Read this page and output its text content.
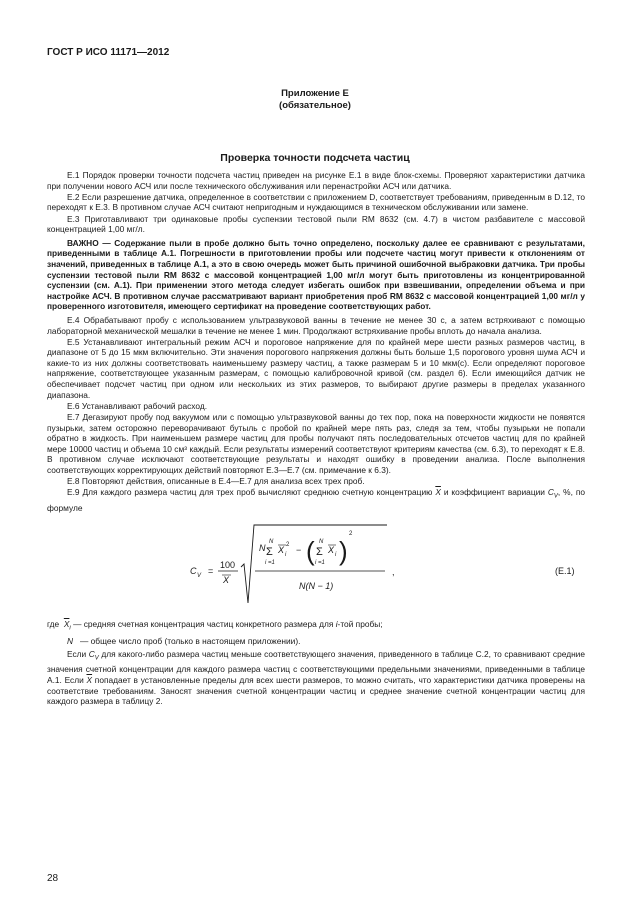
ГОСТ Р ИСО 11171—2012
Приложение Е
(обязательное)
Проверка точности подсчета частиц

Е.1 Порядок проверки точности подсчета частиц приведен на рисунке Е.1 в виде блок-схемы. Проверяют характеристики датчика при получении нового АСЧ или после технического обслуживания или перенастройки АСЧ или датчика.

Е.2 Если разрешение датчика, определенное в соответствии с приложением D, соответствует требованиям, приведенным в D.12, то переходят к Е.3. В противном случае АСЧ считают непригодным и нуждающимся в техническом обслуживании или замене.

Е.3 Приготавливают три одинаковые пробы суспензии тестовой пыли RM 8632 (см. 4.7) в чистом разбавителе с массовой концентрацией 1,00 мг/л.

ВАЖНО — Содержание пыли в пробе должно быть точно определено, поскольку далее ее сравнивают с результатами, приведенными в таблице А.1. Погрешности в приготовлении пробы или подсчете частиц могут привести к отклонениям от значений, приведенных в таблице А.1, а это в свою очередь может быть причиной ошибочной выбраковки датчика. Три пробы суспензии тестовой пыли RM 8632 с массовой концентрацией 1,00 мг/л могут быть приготовлены из концентрированной суспензии (см. А.1). При применении этого метода следует избегать ошибок при взвешивании, определении объема и при настройке АСЧ. В противном случае рассматривают вариант приобретения проб RM 8632 с массовой концентрацией 1,00 мг/л у проверенного изготовителя, имеющего сертификат на проведение соответствующих работ.

Е.4 Обрабатывают пробу с использованием ультразвуковой ванны в течение не менее 30 с, а затем встряхивают с помощью лабораторной механической мешалки в течение не менее 1 мин. Продолжают встряхивание пробы вплоть до начала анализа.

Е.5 Устанавливают интегральный режим АСЧ и пороговое напряжение для по крайней мере шести разных размеров частиц, в диапазоне от 5 до 15 мкм включительно. Эти значения порогового напряжения должны быть больше 1,5 порогового уровня шума АСЧ и какие-то из них должны соответствовать наименьшему размеру частиц, а также размерам 5 и 10 мкм(с). Если определяют пороговое напряжение, соответствующее указанным размерам, с помощью калибровочной кривой (см. раздел 6). Если имеющийся датчик не обеспечивает подсчет частиц при одном или нескольких из этих размеров, то выбирают другие размеры в пределах указанного диапазона.

Е.6 Устанавливают рабочий расход.

Е.7 Дегазируют пробу под вакуумом или с помощью ультразвуковой ванны до тех пор, пока на поверхности жидкости не появятся пузырьки, затем осторожно переворачивают бутыль с пробой по крайней мере пять раз, следя за тем, чтобы пузырьки не попали обратно в жидкость. При наименьшем размере частиц для пробы получают пять последовательных отсчетов частиц для по крайней мере 10000 частиц и объема 10 см³ каждый. Если результаты измерений соответствуют критериям качества (см. 6.3), то переходят к Е.8. В противном случае исключают соответствующие результаты и находят ошибку в проведении анализа. После выполнения соответствующих корректирующих действий повторяют Е.3—Е.7 (см. примечание к 6.3).

Е.8 Повторяют действия, описанные в Е.4—Е.7 для анализа всех трех проб.

Е.9 Для каждого размера частиц для трех проб вычисляют среднюю счетную концентрацию $\overline{X}$ и коэффициент вариации $C_V$, %, по формуле

C V =
100
X
N
N
Σ
i =1
X i
2 − ( N
Σ
i =1
X i )
2
N(N − 1)
,	(Е.1)

где $\overline{X}_i$ — средняя счетная концентрация частиц конкретного размера для i-той пробы;

N — общее число проб (только в настоящем приложении).

Если $C_V$ для какого-либо размера частиц меньше соответствующего значения, приведенного в таблице С.2, то сравнивают средние значения счетной концентрации для каждого размера частиц с соответствующими предельными значениями, приведенными в таблице А.1. Если $\overline{X}$ попадает в установленные пределы для всех шести размеров, то можно считать, что характеристики датчика проверены на соответствие требованиям. Заносят значения счетной концентрации частиц и среднее значение счетной концентрации частиц для каждого размера в таблицу 2.

28
